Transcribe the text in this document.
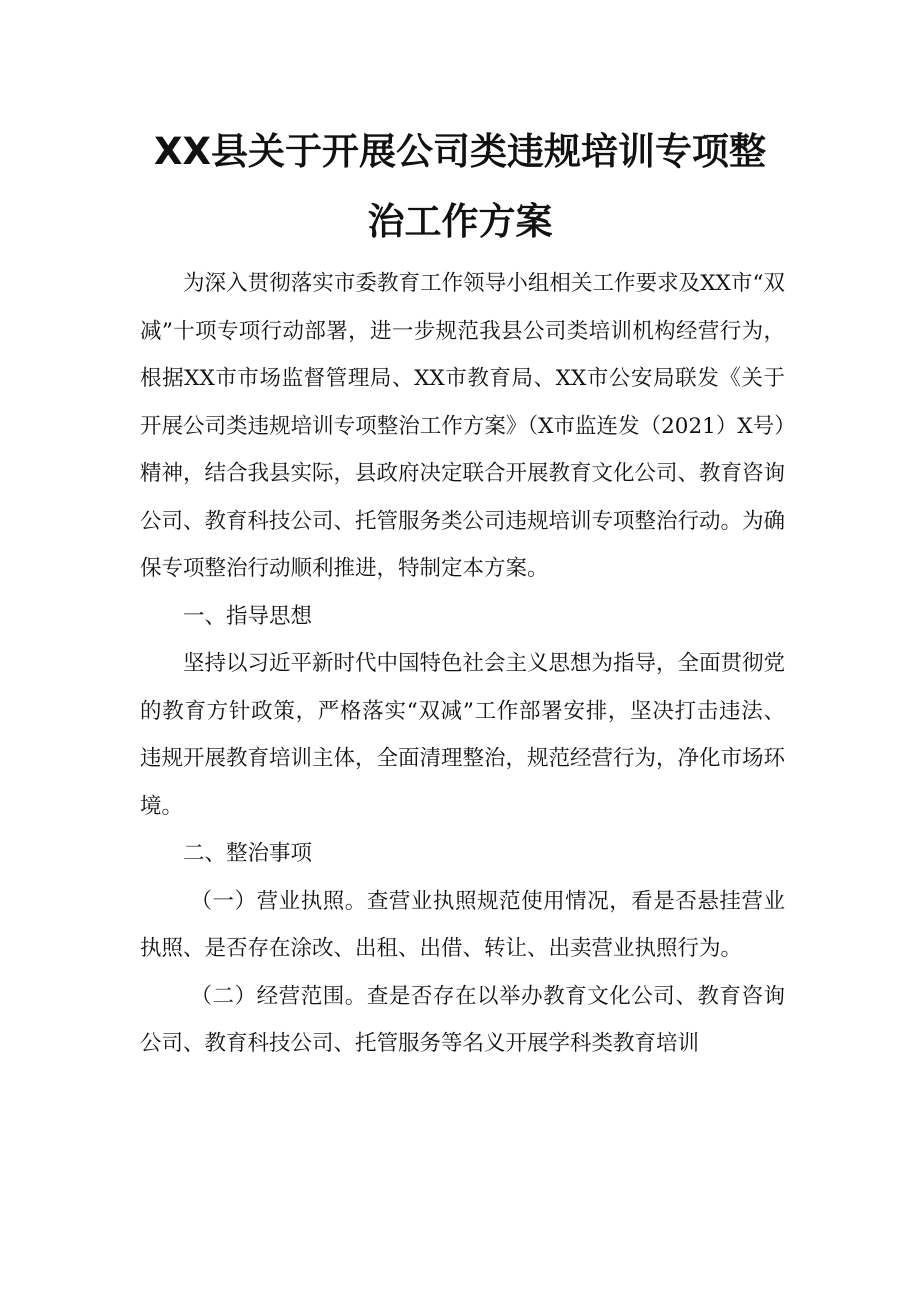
XX县关于开展公司类违规培训专项整
治工作方案

为深入贯彻落实市委教育工作领导小组相关工作要求及XX市“双减”十项专项行动部署，进一步规范我县公司类培训机构经营行为，根据XX市市场监督管理局、XX市教育局、XX市公安局联发《关于开展公司类违规培训专项整治工作方案》（X市监连发（2021）X号）精神，结合我县实际，县政府决定联合开展教育文化公司、教育咨询公司、教育科技公司、托管服务类公司违规培训专项整治行动。为确保专项整治行动顺利推进，特制定本方案。

一、指导思想

坚持以习近平新时代中国特色社会主义思想为指导，全面贯彻党的教育方针政策，严格落实“双减”工作部署安排，坚决打击违法、违规开展教育培训主体，全面清理整治，规范经营行为，净化市场环境。

二、整治事项

（一）营业执照。查营业执照规范使用情况，看是否悬挂营业执照、是否存在涂改、出租、出借、转让、出卖营业执照行为。

（二）经营范围。查是否存在以举办教育文化公司、教育咨询公司、教育科技公司、托管服务等名义开展学科类教育培训
